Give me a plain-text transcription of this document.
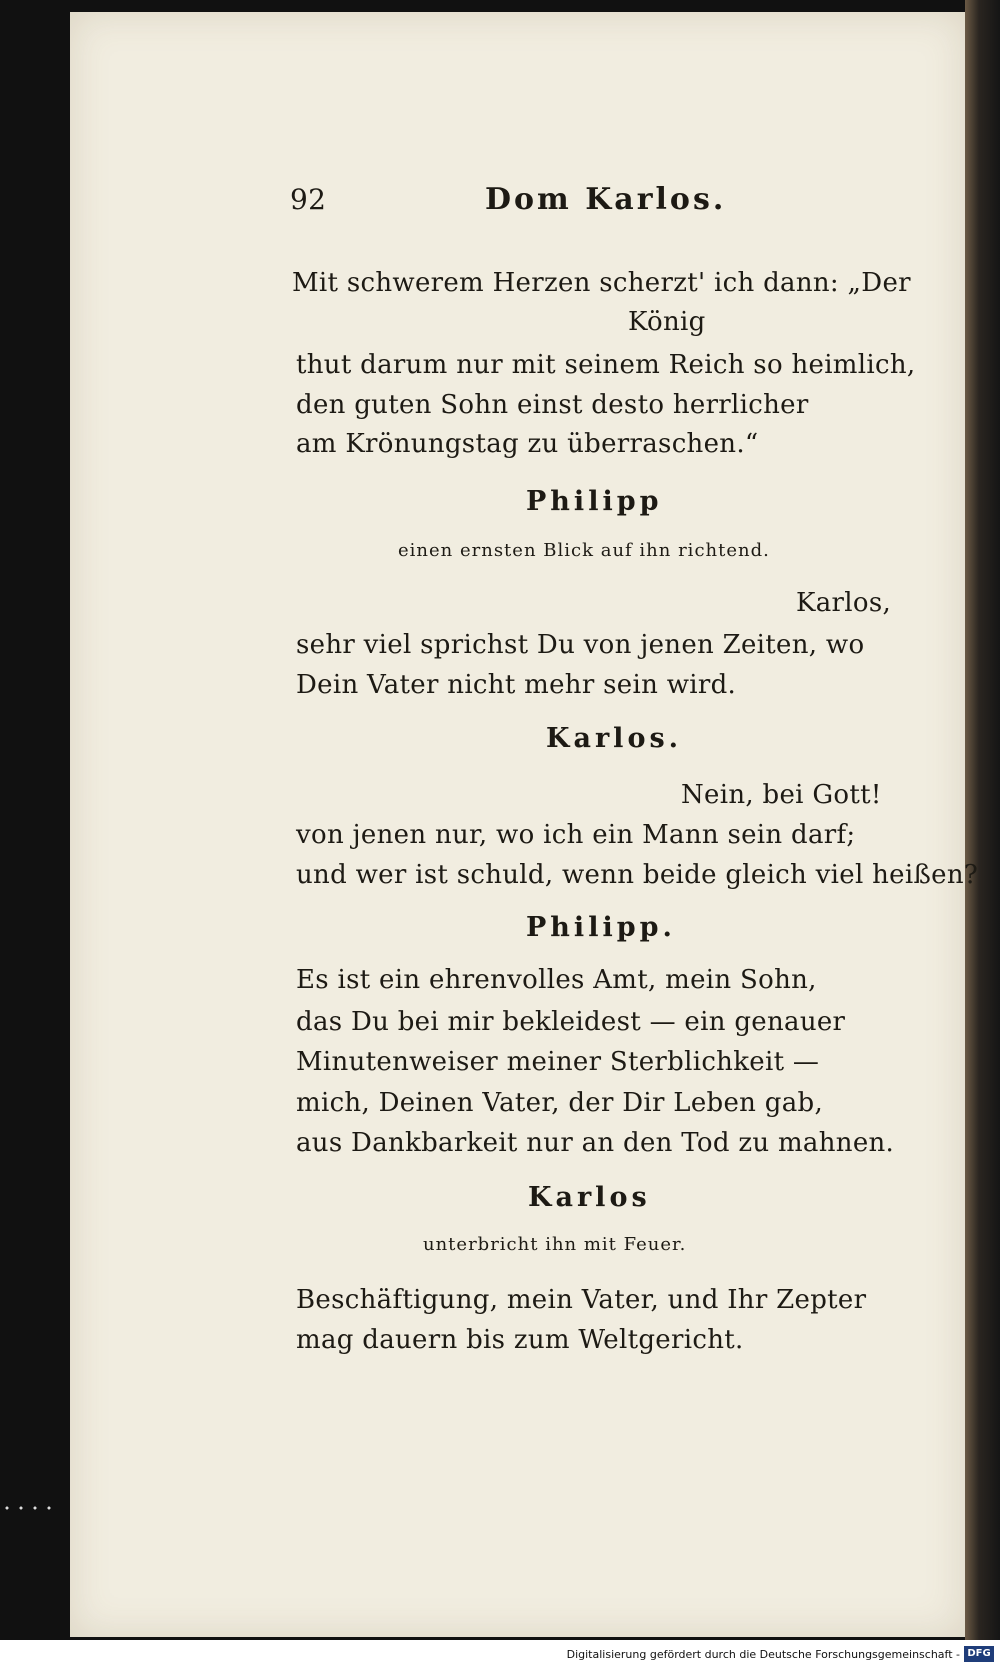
92	Dom Karlos.
Mit schwerem Herzen scherzt' ich dann: „Der
König
thut darum nur mit seinem Reich so heimlich,
den guten Sohn einst desto herrlicher
am Krönungstag zu überraschen.“
Philipp
einen ernsten Blick auf ihn richtend.
Karlos,
sehr viel sprichst Du von jenen Zeiten, wo
Dein Vater nicht mehr sein wird.
Karlos.
Nein, bei Gott!
von jenen nur, wo ich ein Mann sein darf;
und wer ist schuld, wenn beide gleich viel heißen?
Philipp.
Es ist ein ehrenvolles Amt, mein Sohn,
das Du bei mir bekleidest — ein genauer
Minutenweiser meiner Sterblichkeit —
mich, Deinen Vater, der Dir Leben gab,
aus Dankbarkeit nur an den Tod zu mahnen.
Karlos
unterbricht ihn mit Feuer.
Beschäftigung, mein Vater, und Ihr Zepter
mag dauern bis zum Weltgericht.
Digitalisierung gefördert durch die Deutsche Forschungsgemeinschaft - DFG
